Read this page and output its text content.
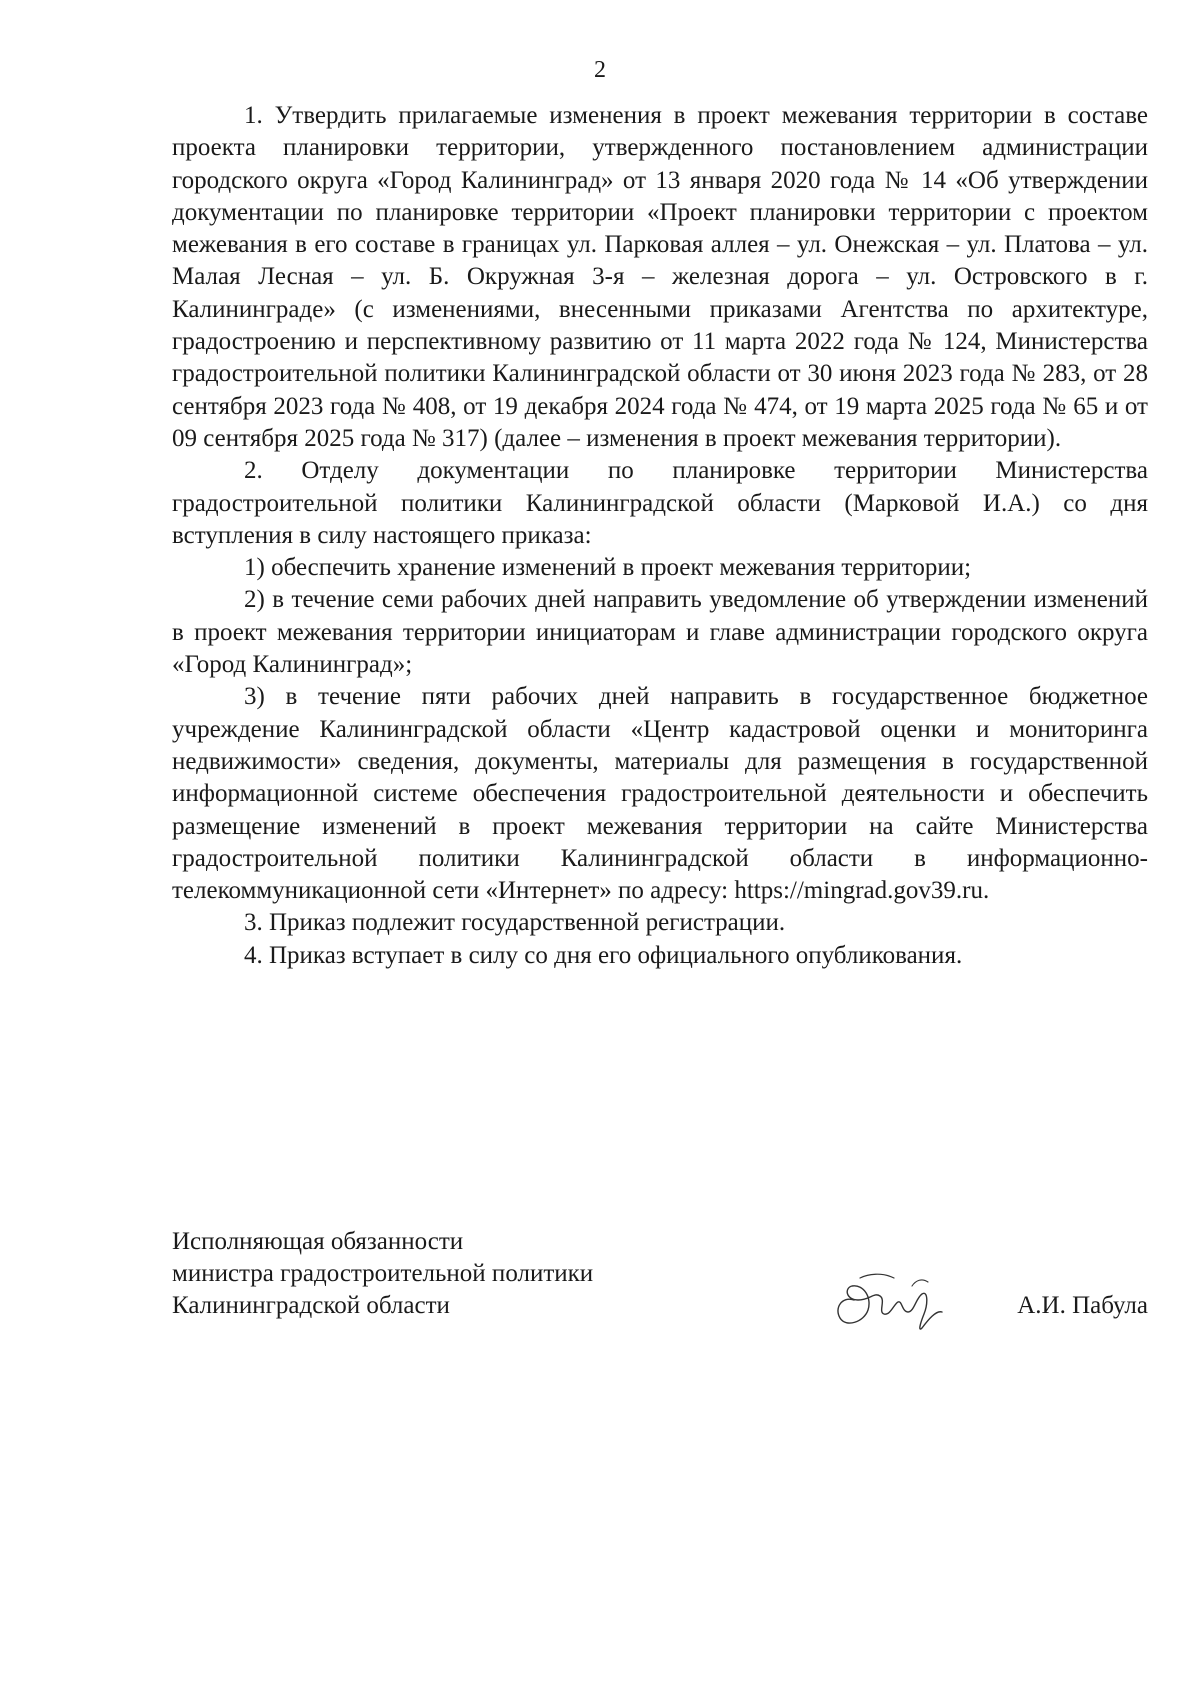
2

1. Утвердить прилагаемые изменения в проект межевания территории в составе проекта планировки территории, утвержденного постановлением администрации городского округа «Город Калининград» от 13 января 2020 года № 14 «Об утверждении документации по планировке территории «Проект планировки территории с проектом межевания в его составе в границах ул. Парковая аллея – ул. Онежская – ул. Платова – ул. Малая Лесная – ул. Б. Окружная 3-я – железная дорога – ул. Островского в г. Калининграде» (с изменениями, внесенными приказами Агентства по архитектуре, градостроению и перспективному развитию от 11 марта 2022 года № 124, Министерства градостроительной политики Калининградской области от 30 июня 2023 года № 283, от 28 сентября 2023 года № 408, от 19 декабря 2024 года № 474, от 19 марта 2025 года № 65 и от 09 сентября 2025 года № 317) (далее – изменения в проект межевания территории).

2. Отделу документации по планировке территории Министерства градостроительной политики Калининградской области (Марковой И.А.) со дня вступления в силу настоящего приказа:

1) обеспечить хранение изменений в проект межевания территории;

2) в течение семи рабочих дней направить уведомление об утверждении изменений в проект межевания территории инициаторам и главе администрации городского округа «Город Калининград»;

3) в течение пяти рабочих дней направить в государственное бюджетное учреждение Калининградской области «Центр кадастровой оценки и мониторинга недвижимости» сведения, документы, материалы для размещения в государственной информационной системе обеспечения градостроительной деятельности и обеспечить размещение изменений в проект межевания территории на сайте Министерства градостроительной политики Калининградской области в информационно-телекоммуникационной сети «Интернет» по адресу: https://mingrad.gov39.ru.

3. Приказ подлежит государственной регистрации.

4. Приказ вступает в силу со дня его официального опубликования.

Исполняющая обязанности
министра градостроительной политики
Калининградской области	А.И. Пабула
